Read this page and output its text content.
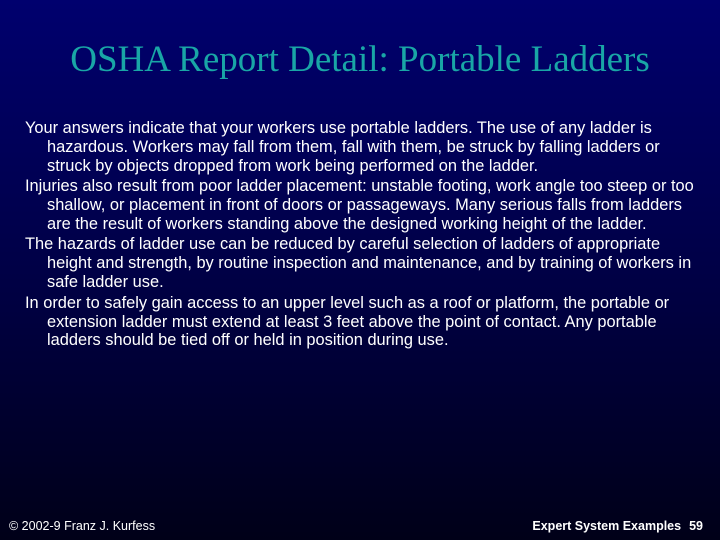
OSHA Report Detail: Portable Ladders

Your answers indicate that your workers use portable ladders. The use of any ladder is hazardous. Workers may fall from them, fall with them, be struck by falling ladders or struck by objects dropped from work being performed on the ladder.

Injuries also result from poor ladder placement: unstable footing, work angle too steep or too shallow, or placement in front of doors or passageways. Many serious falls from ladders are the result of workers standing above the designed working height of the ladder.

The hazards of ladder use can be reduced by careful selection of ladders of appropriate height and strength, by routine inspection and maintenance, and by training of workers in safe ladder use.

In order to safely gain access to an upper level such as a roof or platform, the portable or extension ladder must extend at least 3 feet above the point of contact. Any portable ladders should be tied off or held in position during use.

© 2002-9 Franz J. Kurfess	Expert System Examples 59
